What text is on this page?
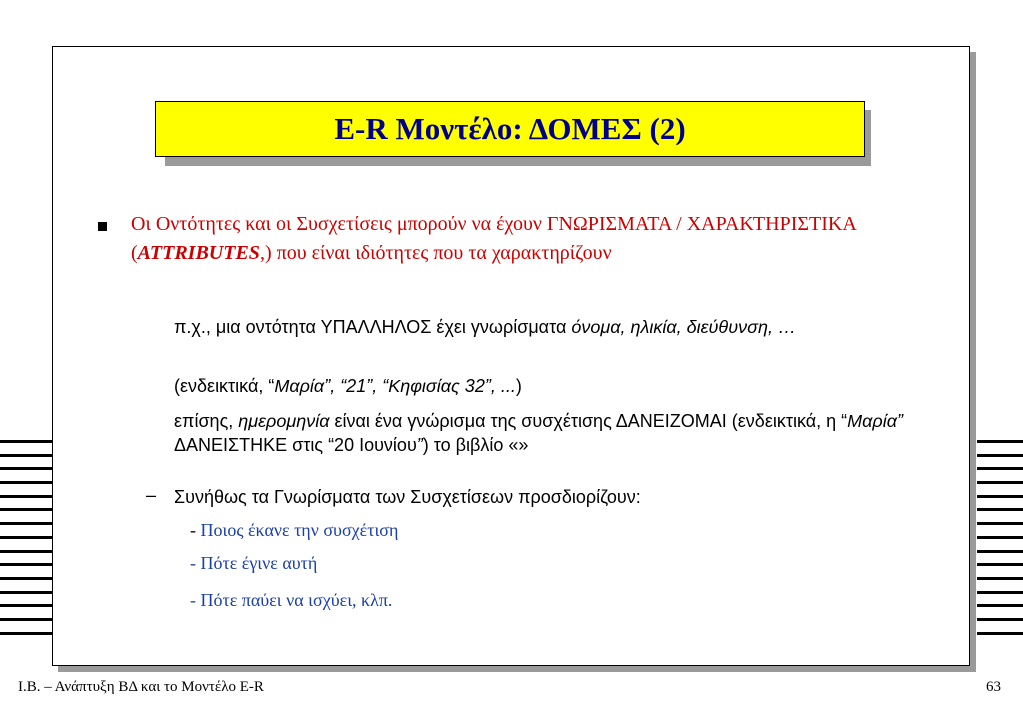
E-R Μοντέλο: ΔΟΜΕΣ (2)
Οι Οντότητες και οι Συσχετίσεις μπορούν να έχουν ΓΝΩΡΙΣΜΑΤΑ / ΧΑΡΑΚΤΗΡΙΣΤΙΚΑ (ATTRIBUTES,) που είναι ιδιότητες που τα χαρακτηρίζουν
π.χ., μια οντότητα ΥΠΑΛΛΗΛΟΣ έχει γνωρίσματα όνομα, ηλικία, διεύθυνση, …
(ενδεικτικά, “Μαρία”, “21”, “Κηφισίας 32”, ...)
επίσης, ημερομηνία είναι ένα γνώρισμα της συσχέτισης ΔΑΝΕΙΖΟΜΑΙ (ενδεικτικά, η “Μαρία” ΔΑΝΕΙΣΤΗΚΕ στις “20 Ιουνίου”) το βιβλίο «»
– Συνήθως τα Γνωρίσματα των Συσχετίσεων προσδιορίζουν:
- Ποιος έκανε την συσχέτιση
- Πότε έγινε αυτή
- Πότε παύει να ισχύει, κλπ.
Ι.Β. – Ανάπτυξη ΒΔ και το Μοντέλο Ε-R	63
